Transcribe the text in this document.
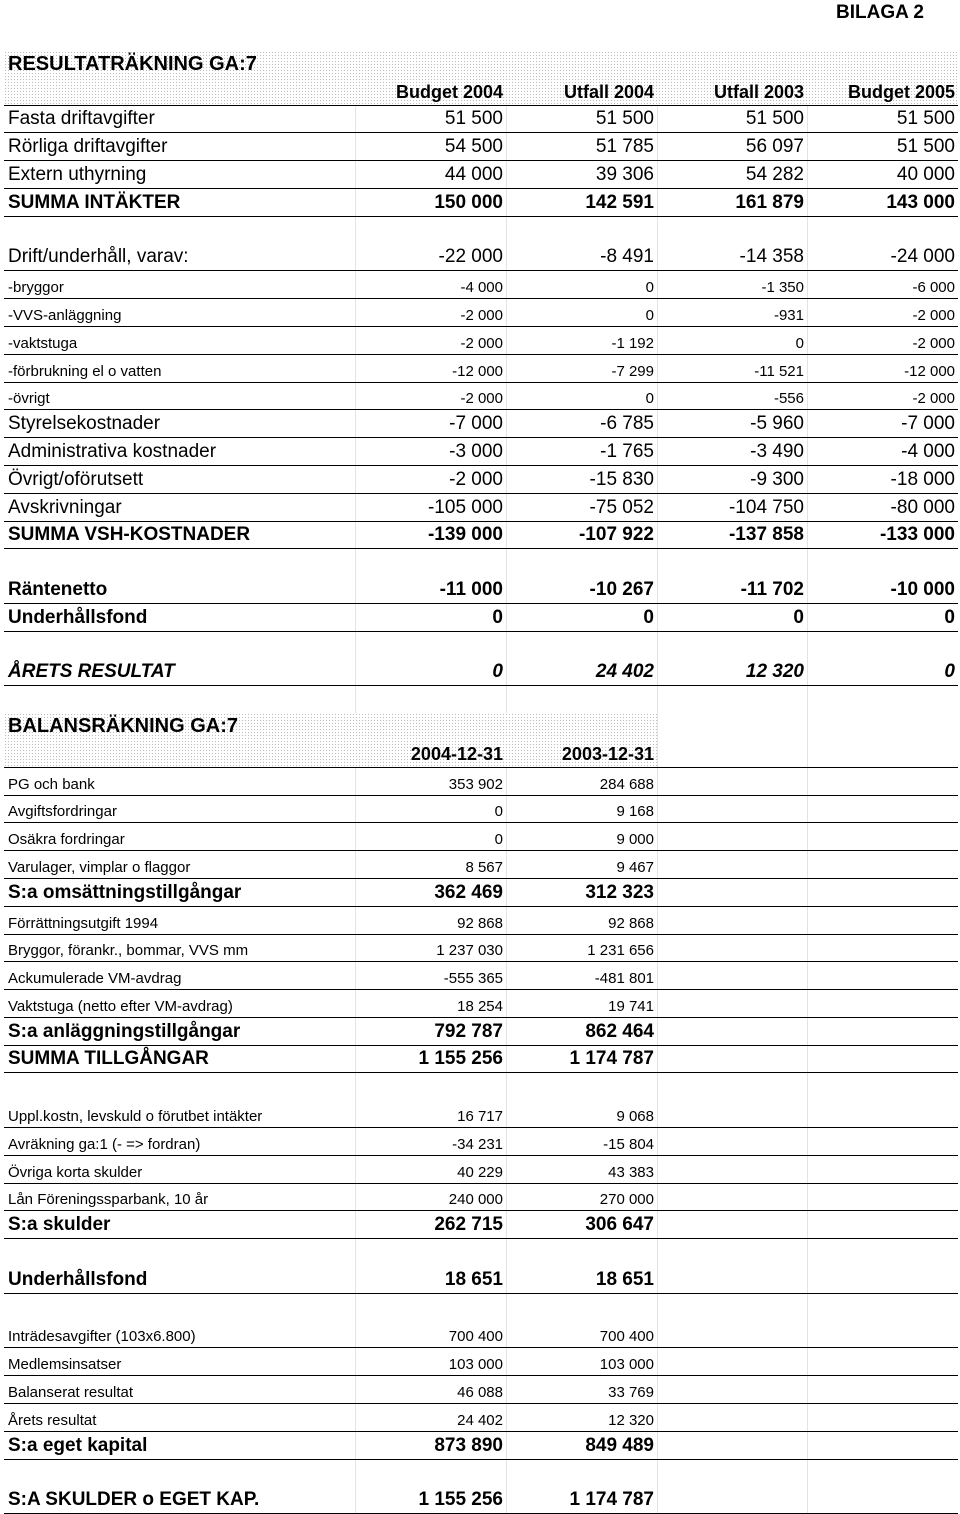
BILAGA 2
RESULTATRÄKNING GA:7
Budget 2004	Utfall 2004	Utfall 2003	Budget 2005
Fasta driftavgifter	51 500	51 500	51 500	51 500
Rörliga driftavgifter	54 500	51 785	56 097	51 500
Extern uthyrning	44 000	39 306	54 282	40 000
SUMMA INTÄKTER	150 000	142 591	161 879	143 000
Drift/underhåll, varav:	-22 000	-8 491	-14 358	-24 000
-bryggor	-4 000	0	-1 350	-6 000
-VVS-anläggning	-2 000	0	-931	-2 000
-vaktstuga	-2 000	-1 192	0	-2 000
-förbrukning el o vatten	-12 000	-7 299	-11 521	-12 000
-övrigt	-2 000	0	-556	-2 000
Styrelsekostnader	-7 000	-6 785	-5 960	-7 000
Administrativa kostnader	-3 000	-1 765	-3 490	-4 000
Övrigt/oförutsett	-2 000	-15 830	-9 300	-18 000
Avskrivningar	-105 000	-75 052	-104 750	-80 000
SUMMA VSH-KOSTNADER	-139 000	-107 922	-137 858	-133 000
Räntenetto	-11 000	-10 267	-11 702	-10 000
Underhållsfond	0	0	0	0
ÅRETS RESULTAT	0	24 402	12 320	0
BALANSRÄKNING GA:7
2004-12-31	2003-12-31
PG och bank	353 902	284 688
Avgiftsfordringar	0	9 168
Osäkra fordringar	0	9 000
Varulager, vimplar o flaggor	8 567	9 467
S:a omsättningstillgångar	362 469	312 323
Förrättningsutgift 1994	92 868	92 868
Bryggor, förankr., bommar, VVS mm	1 237 030	1 231 656
Ackumulerade VM-avdrag	-555 365	-481 801
Vaktstuga (netto efter VM-avdrag)	18 254	19 741
S:a anläggningstillgångar	792 787	862 464
SUMMA TILLGÅNGAR	1 155 256	1 174 787
Uppl.kostn, levskuld o förutbet intäkter	16 717	9 068
Avräkning ga:1 (- => fordran)	-34 231	-15 804
Övriga korta skulder	40 229	43 383
Lån Föreningssparbank, 10 år	240 000	270 000
S:a skulder	262 715	306 647
Underhållsfond	18 651	18 651
Inträdesavgifter (103x6.800)	700 400	700 400
Medlemsinsatser	103 000	103 000
Balanserat resultat	46 088	33 769
Årets resultat	24 402	12 320
S:a eget kapital	873 890	849 489
S:A SKULDER o EGET KAP.	1 155 256	1 174 787
